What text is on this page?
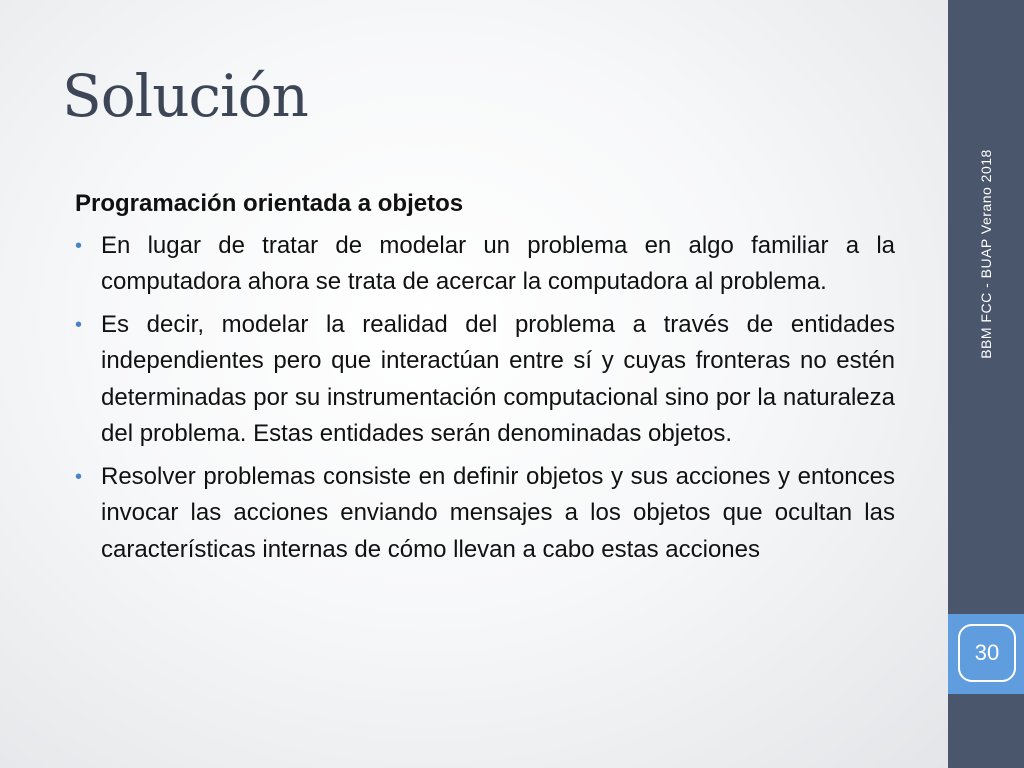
Solución

Programación orientada a objetos

• En lugar de tratar de modelar un problema en algo familiar a la computadora ahora se trata de acercar la computadora al problema.
• Es decir, modelar la realidad del problema a través de entidades independientes pero que interactúan entre sí y cuyas fronteras no estén determinadas por su instrumentación computacional sino por la naturaleza del problema. Estas entidades serán denominadas objetos.
• Resolver problemas consiste en definir objetos y sus acciones y entonces invocar las acciones enviando mensajes a los objetos que ocultan las características internas de cómo llevan a cabo estas acciones
BBM FCC - BUAP Verano 2018
30
